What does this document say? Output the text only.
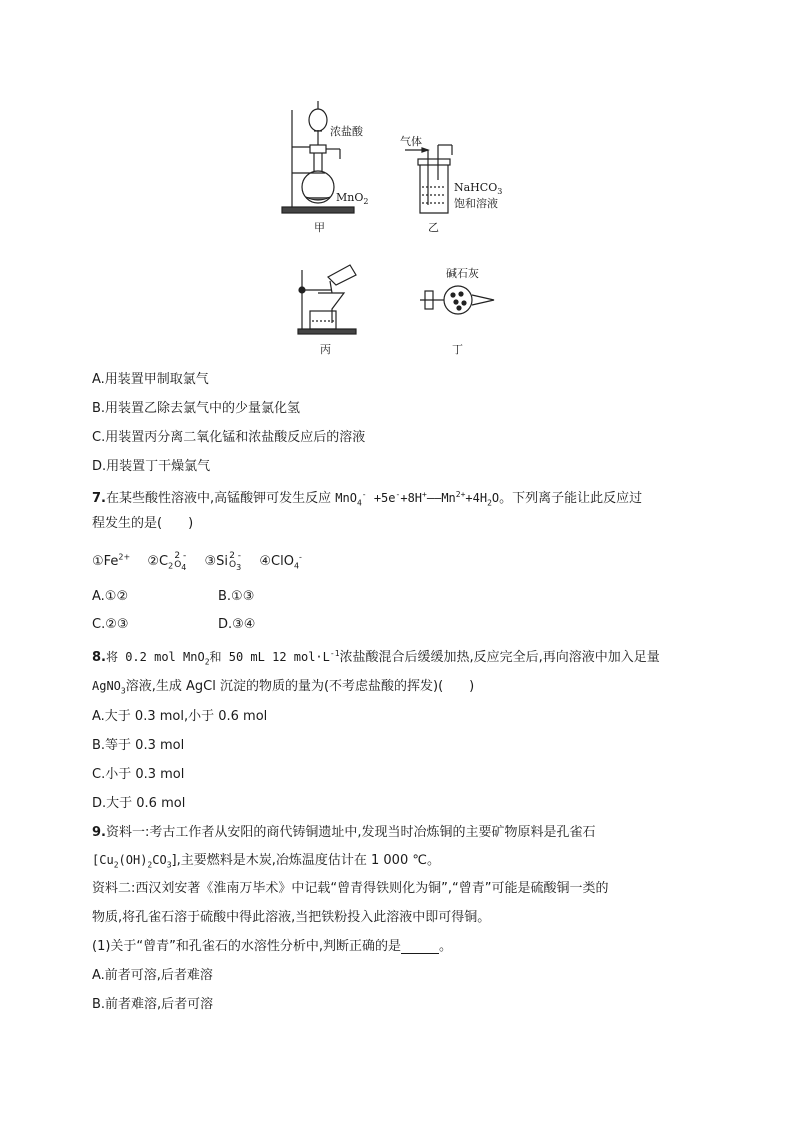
浓盐酸
MnO$_2$
气体
NaHCO$_3$
饱和溶液
甲	乙
碱石灰
丙	丁
A.用装置甲制取氯气
B.用装置乙除去氯气中的少量氯化氢
C.用装置丙分离二氧化锰和浓盐酸反应后的溶液
D.用装置丁干燥氯气
7.在某些酸性溶液中,高锰酸钾可发生反应 $MnO_4^- +5e^-+8H^+——Mn^{2+}+4H_2O$。下列离子能让此反应过
程发生的是(　　)
$①Fe^{2+}$　 $②C_22$ -
$O_4$　 ③Si2 -
$O_3$　 ④ClO$_4$-
A.①②	B.①③
C.②③	D.③④
8.将 0.2 mol MnO$_2$和 50 mL 12 $mol\cdot L^{-1}$浓盐酸混合后缓缓加热,反应完全后,再向溶液中加入足量
AgNO$_3$溶液,生成 AgCl 沉淀的物质的量为(不考虑盐酸的挥发)(　　)
A.大于 0.3 mol,小于 0.6 mol
B.等于 0.3 mol
C.小于 0.3 mol
D.大于 0.6 mol
9.资料一:考古工作者从安阳的商代铸铜遗址中,发现当时冶炼铜的主要矿物原料是孔雀石
$[Cu_2(OH)_2CO_3]$,主要燃料是木炭,冶炼温度估计在 1 000 ℃。
资料二:西汉刘安著《淮南万毕术》中记载“曾青得铁则化为铜”,“曾青”可能是硫酸铜一类的
物质,将孔雀石溶于硫酸中得此溶液,当把铁粉投入此溶液中即可得铜。
(1)关于“曾青”和孔雀石的水溶性分析中,判断正确的是	。
A.前者可溶,后者难溶
B.前者难溶,后者可溶
